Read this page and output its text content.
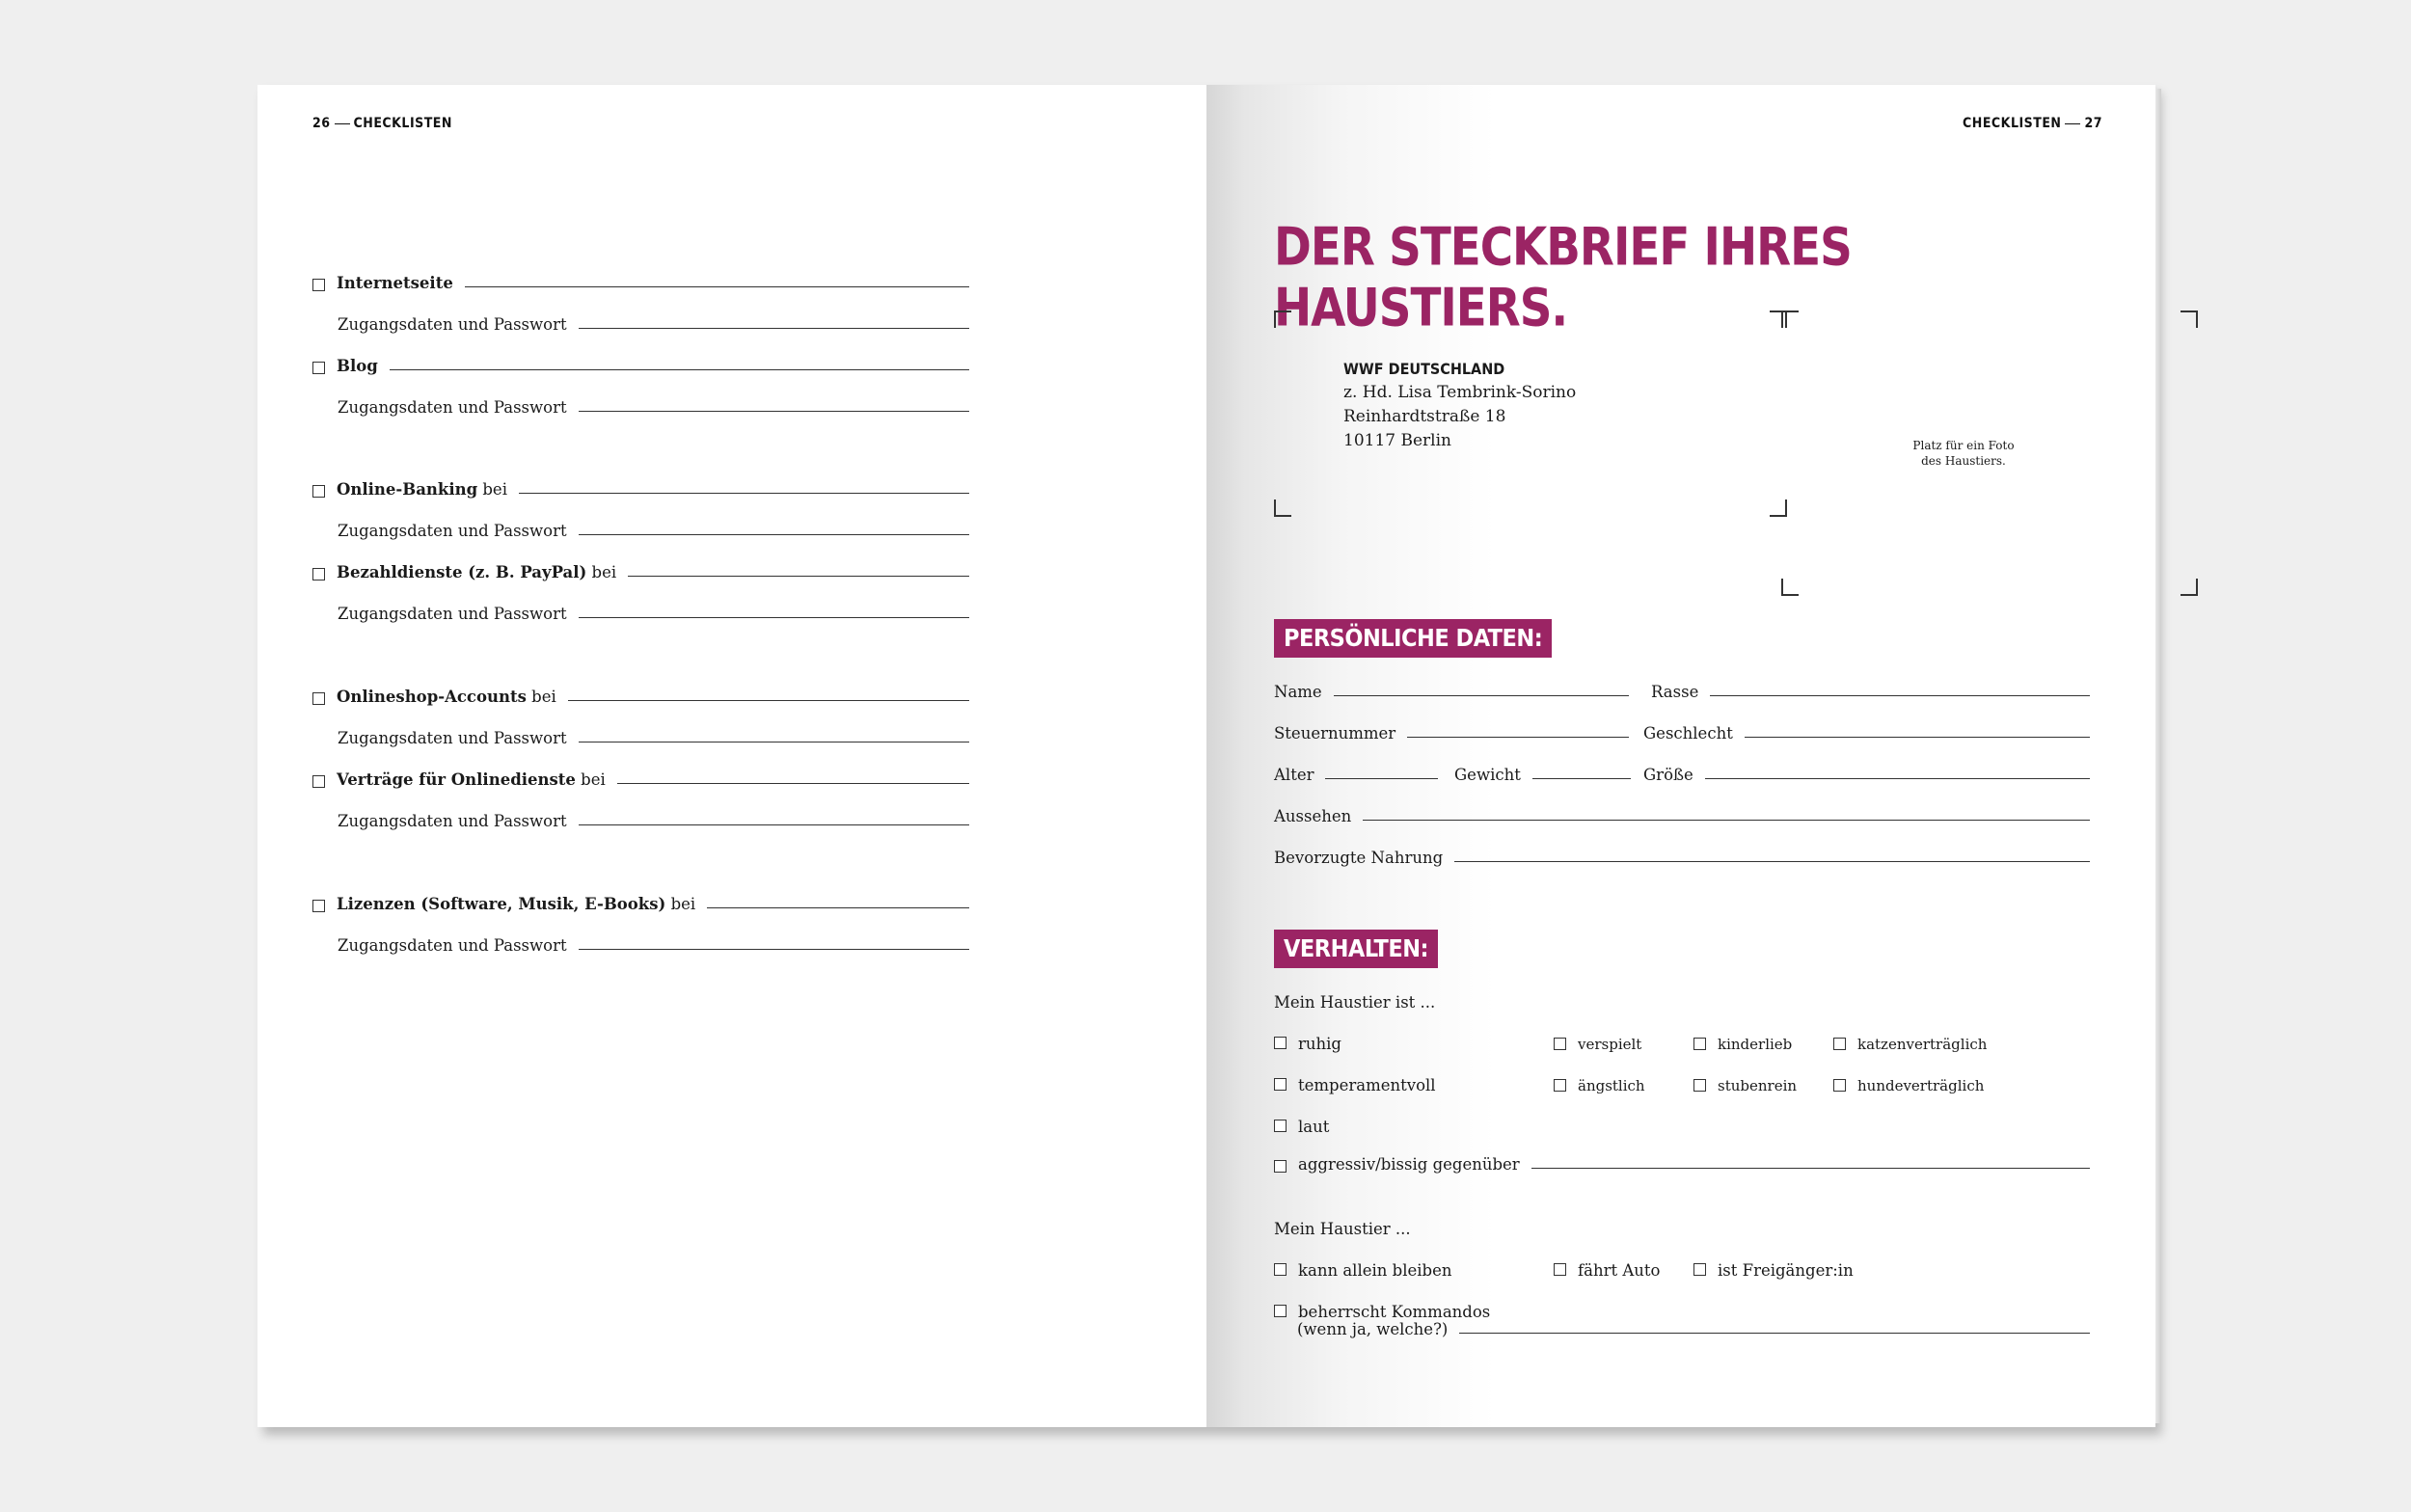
26 CHECKLISTEN
Internetseite
Zugangsdaten und Passwort
Blog
Zugangsdaten und Passwort
Online-Banking bei
Zugangsdaten und Passwort
Bezahldienste (z. B. PayPal) bei
Zugangsdaten und Passwort
Onlineshop-Accounts bei
Zugangsdaten und Passwort
Verträge für Onlinedienste bei
Zugangsdaten und Passwort
Lizenzen (Software, Musik, E-Books) bei
Zugangsdaten und Passwort
CHECKLISTEN 27
DER STECKBRIEF IHRES HAUSTIERS.
WWF DEUTSCHLAND
z. Hd. Lisa Tembrink-Sorino
Reinhardtstraße 18
10117 Berlin	Platz für ein Foto
des Haustiers.
PERSÖNLICHE DATEN:
Name	Rasse
Steuernummer	Geschlecht
Alter	Gewicht	Größe
Aussehen
Bevorzugte Nahrung
VERHALTEN:
Mein Haustier ist ...
ruhig	verspielt	kinderlieb	katzenverträglich
temperamentvoll	ängstlich	stubenrein	hundeverträglich
laut
aggressiv/bissig gegenüber
Mein Haustier ...
kann allein bleiben	fährt Auto	ist Freigänger:in
beherrscht Kommandos
(wenn ja, welche?)
